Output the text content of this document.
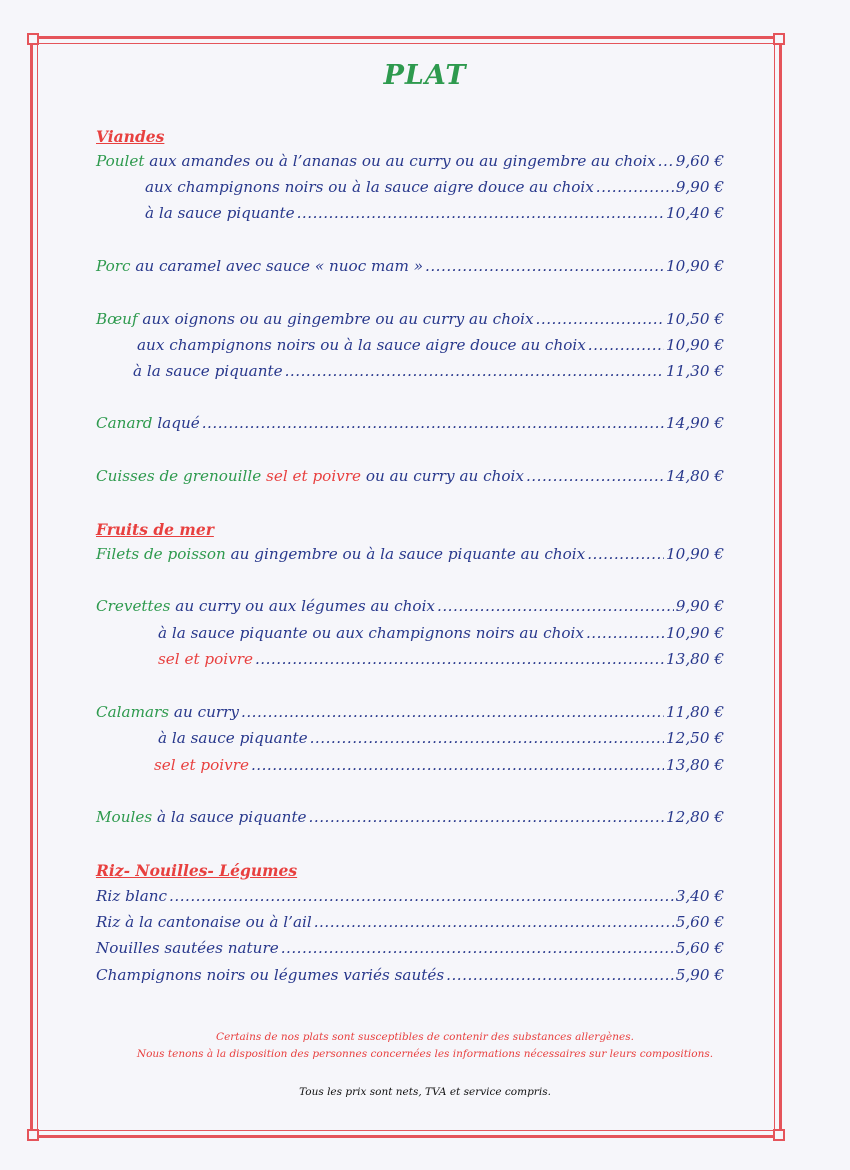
PLAT
Viandes
Poulet aux amandes ou à l’ananas ou au curry ou au gingembre au choix ..... 9,60 €
aux champignons noirs ou à la sauce aigre douce au choix .....	9,90 €
à la sauce piquante .....	10,40 €
Porc au caramel avec sauce « nuoc mam » .....	10,90 €
Bœuf aux oignons ou au gingembre ou au curry au choix .....	10,50 €
aux champignons noirs ou à la sauce aigre douce au choix .....	10,90 €
à la sauce piquante .....	11,30 €
Canard laqué .....	14,90 €
Cuisses de grenouille sel et poivre ou au curry au choix .....	14,80 €
Fruits de mer
Filets de poisson au gingembre ou à la sauce piquante au choix .....	10,90 €
Crevettes au curry ou aux légumes au choix .....	9,90 €
à la sauce piquante ou aux champignons noirs au choix .....	10,90 €
sel et poivre .....	13,80 €
Calamars au curry .....	11,80 €
à la sauce piquante .....	12,50 €
sel et poivre .....	13,80 €
Moules à la sauce piquante .....	12,80 €
Riz- Nouilles- Légumes
Riz blanc .....	3,40 €
Riz à la cantonaise ou à l’ail .....	5,60 €
Nouilles sautées nature .....	5,60 €
Champignons noirs ou légumes variés sautés .....	5,90 €
Certains de nos plats sont susceptibles de contenir des substances allergènes.
Nous tenons à la disposition des personnes concernées les informations nécessaires sur leurs compositions.
Tous les prix sont nets, TVA et service compris.
